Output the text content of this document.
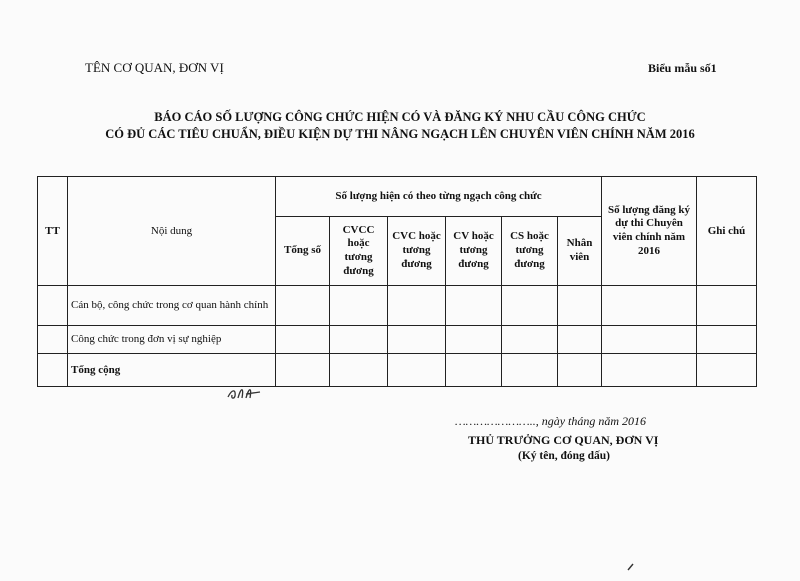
TÊN CƠ QUAN, ĐƠN VỊ	Biểu mẫu số1
BÁO CÁO SỐ LƯỢNG CÔNG CHỨC HIỆN CÓ VÀ ĐĂNG KÝ NHU CẦU CÔNG CHỨC
CÓ ĐỦ CÁC TIÊU CHUẨN, ĐIỀU KIỆN DỰ THI NÂNG NGẠCH LÊN CHUYÊN VIÊN CHÍNH NĂM 2016
TT	Nội dung	Số lượng hiện có theo từng ngạch công chức						Số lượng đăng ký dự thi Chuyên viên chính năm 2016	Ghi chú
		Tổng số	CVCC hoặc tương đương	CVC hoặc tương đương	CV hoặc tương đương	CS hoặc tương đương	Nhân viên		
	Cán bộ, công chức trong cơ quan hành chính								
	Công chức trong đơn vị sự nghiệp								
	Tổng cộng								
………………….., ngày tháng năm 2016
THỦ TRƯỞNG CƠ QUAN, ĐƠN VỊ
(Ký tên, đóng dấu)
